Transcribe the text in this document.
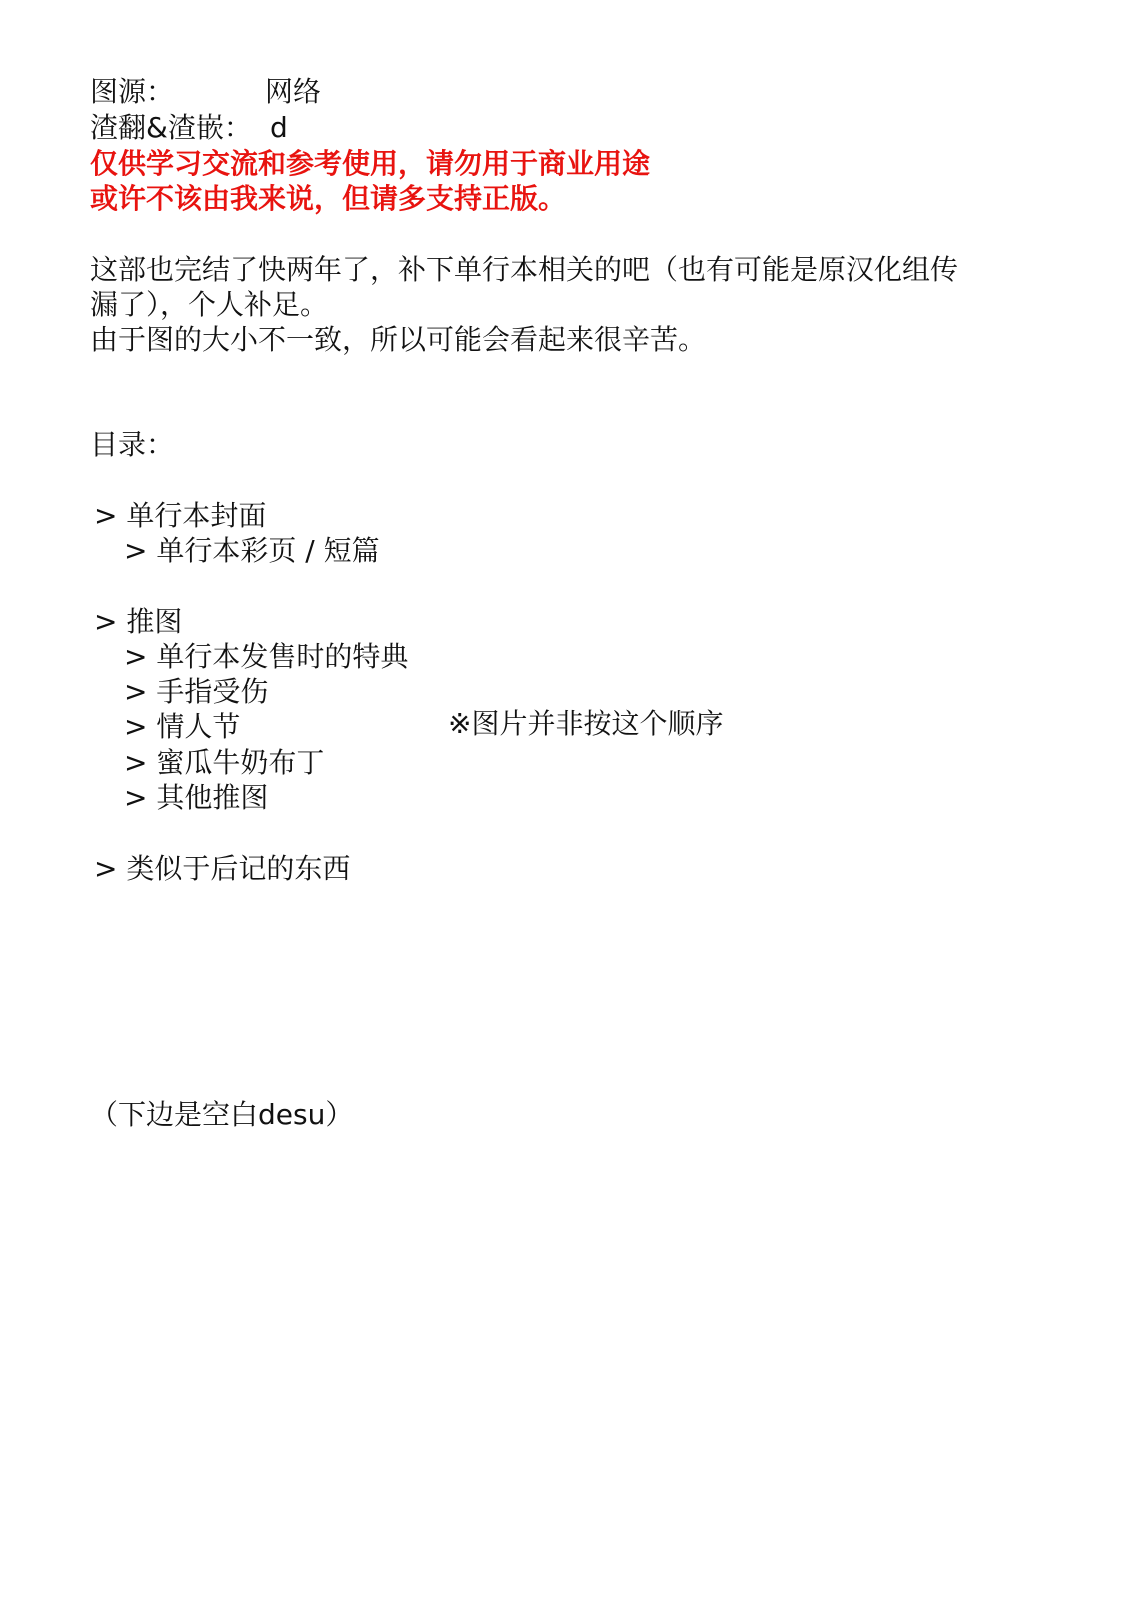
图源：	网络
渣翻&渣嵌： d
仅供学习交流和参考使用，请勿用于商业用途
或许不该由我来说，但请多支持正版。
这部也完结了快两年了，补下单行本相关的吧（也有可能是原汉化组传
漏了），个人补足。
由于图的大小不一致，所以可能会看起来很辛苦。
目录：
> 单行本封面
> 单行本彩页 / 短篇
> 推图
> 单行本发售时的特典
> 手指受伤
> 情人节	※图片并非按这个顺序
> 蜜瓜牛奶布丁
> 其他推图
> 类似于后记的东西
（下边是空白desu）
